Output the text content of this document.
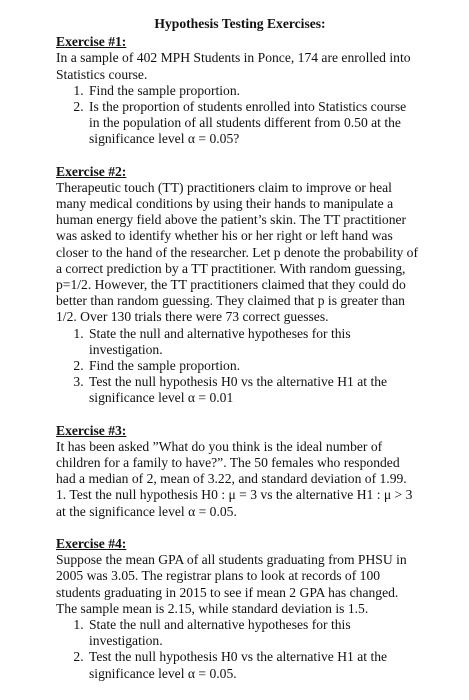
Hypothesis Testing Exercises:
Exercise #1:

In a sample of 402 MPH Students in Ponce, 174 are enrolled into Statistics course.

1. Find the sample proportion.
2. Is the proportion of students enrolled into Statistics course in the population of all students different from 0.50 at the significance level α = 0.05?
Exercise #2:

Therapeutic touch (TT) practitioners claim to improve or heal many medical conditions by using their hands to manipulate a human energy field above the patient’s skin. The TT practitioner was asked to identify whether his or her right or left hand was closer to the hand of the researcher. Let p denote the probability of a correct prediction by a TT practitioner. With random guessing, p=1/2. However, the TT practitioners claimed that they could do better than random guessing. They claimed that p is greater than 1/2. Over 130 trials there were 73 correct guesses.

1. State the null and alternative hypotheses for this investigation.
2. Find the sample proportion.
3. Test the null hypothesis H0 vs the alternative H1 at the significance level α = 0.01
Exercise #3:

It has been asked ”What do you think is the ideal number of children for a family to have?”. The 50 females who responded had a median of 2, mean of 3.22, and standard deviation of 1.99.

1. Test the null hypothesis H0 : μ = 3 vs the alternative H1 : μ > 3 at the significance level α = 0.05.

Exercise #4:

Suppose the mean GPA of all students graduating from PHSU in 2005 was 3.05. The registrar plans to look at records of 100 students graduating in 2015 to see if mean 2 GPA has changed. The sample mean is 2.15, while standard deviation is 1.5.

1. State the null and alternative hypotheses for this investigation.
2. Test the null hypothesis H0 vs the alternative H1 at the significance level α = 0.05.
